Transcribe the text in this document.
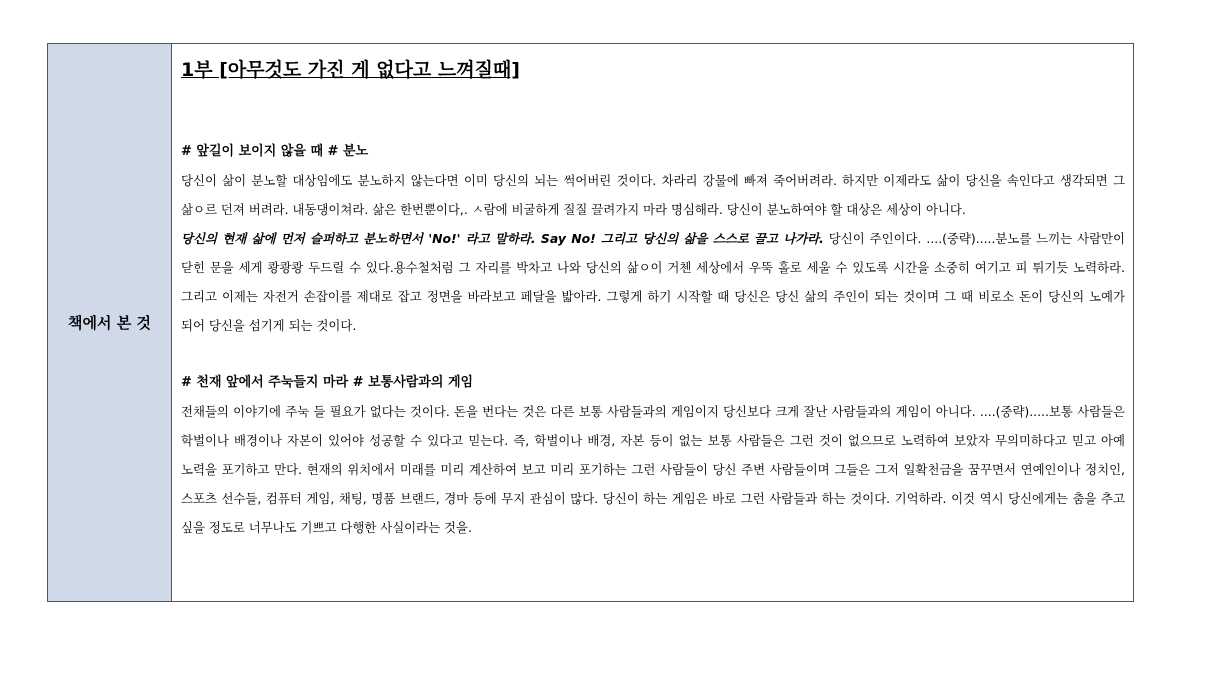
책에서 본 것
1부 [아무것도 가진 게 없다고 느껴질때]
# 앞길이 보이지 않을 때 # 분노

당신이 삶이 분노할 대상임에도 분노하지 않는다면 이미 당신의 뇌는 썩어버린 것이다. 차라리 강물에 빠져 죽어버려라. 하지만 이제라도 삶이 당신을 속인다고 생각되면 그 삶ㅇ르 던져 버려라. 내동댕이쳐라. 삶은 한번뿐이다,. ㅅ람에 비굴하게 질질 끌려가지 마라 명심해라. 당신이 분노하여야 할 대상은 세상이 아니다.

당신의 현재 삶에 먼저 슬퍼하고 분노하면서 'No!' 라고 말하라. Say No! 그리고 당신의 삶을 스스로 끌고 나가라. 당신이 주인이다. ....(중략).....분노를 느끼는 사람만이 닫힌 문을 세게 쾅쾅쾅 두드릴 수 있다.용수철처럼 그 자리를 박차고 나와 당신의 삶ㅇ이 거첸 세상에서 우뚝 홀로 세울 수 있도록 시간을 소중히 여기고 피 튀기듯 노력하라. 그리고 이제는 자전거 손잡이를 제대로 잡고 정면을 바라보고 페달을 밟아라. 그렇게 하기 시작할 때 당신은 당신 삶의 주인이 되는 것이며 그 때 비로소 돈이 당신의 노예가 되어 당신을 섬기게 되는 것이다.

# 천재 앞에서 주눅들지 마라 # 보통사람과의 게임

전채들의 이야기에 주눅 들 필요가 없다는 것이다. 돈을 번다는 것은 다른 보통 사람들과의 게임이지 당신보다 크게 잘난 사람들과의 게임이 아니다. ....(중략).....보통 사람들은 학벌이나 배경이나 자본이 있어야 성공할 수 있다고 믿는다. 즉, 학벌이나 배경, 자본 등이 없는 보통 사람들은 그런 것이 없으므로 노력하여 보았자 무의미하다고 믿고 아예 노력을 포기하고 만다. 현재의 위치에서 미래를 미리 계산하여 보고 미리 포기하는 그런 사람들이 당신 주변 사람들이며 그들은 그저 일확천금을 꿈꾸면서 연예인이나 정치인, 스포츠 선수들, 컴퓨터 게임, 채팅, 명품 브랜드, 경마 등에 무지 관심이 많다. 당신이 하는 게임은 바로 그런 사람들과 하는 것이다. 기억하라. 이것 역시 당신에게는 춤을 추고 싶을 정도로 너무나도 기쁘고 다행한 사실이라는 것을.
